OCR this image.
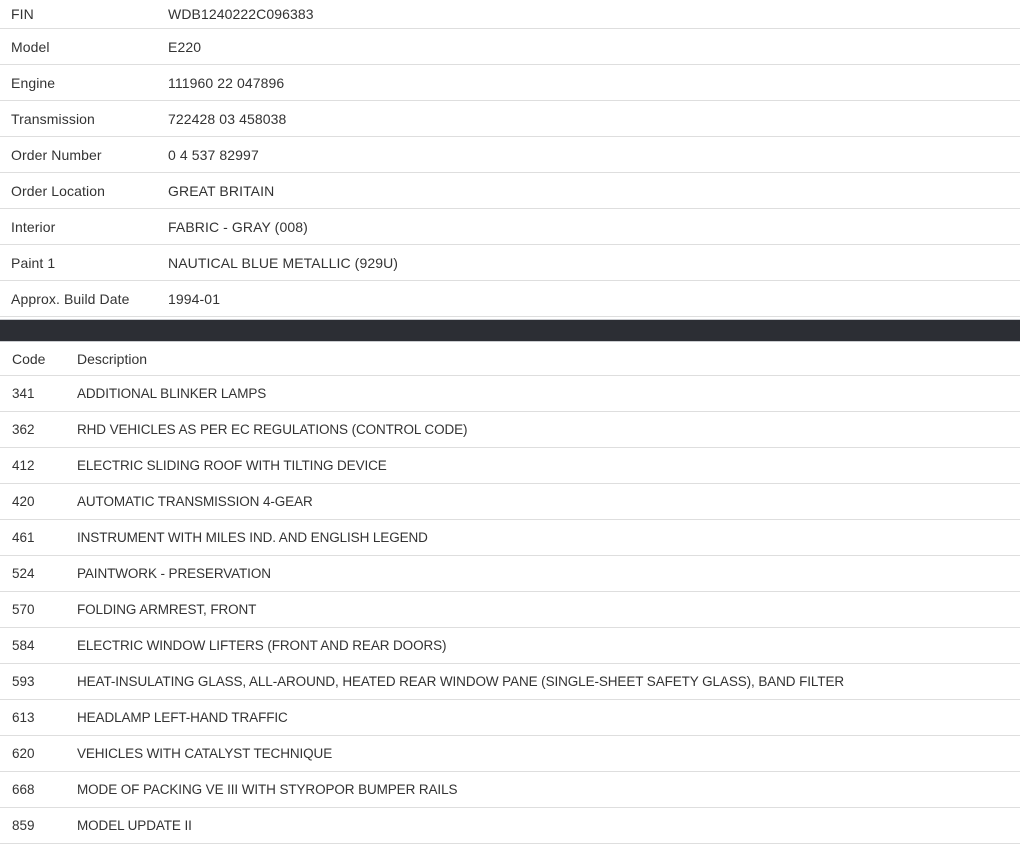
FIN	WDB1240222C096383
Model	E220
Engine	111960 22 047896
Transmission	722428 03 458038
Order Number	0 4 537 82997
Order Location	GREAT BRITAIN
Interior	FABRIC - GRAY (008)
Paint 1	NAUTICAL BLUE METALLIC (929U)
Approx. Build Date	1994-01
Code	Description
341	ADDITIONAL BLINKER LAMPS
362	RHD VEHICLES AS PER EC REGULATIONS (CONTROL CODE)
412	ELECTRIC SLIDING ROOF WITH TILTING DEVICE
420	AUTOMATIC TRANSMISSION 4-GEAR
461	INSTRUMENT WITH MILES IND. AND ENGLISH LEGEND
524	PAINTWORK - PRESERVATION
570	FOLDING ARMREST, FRONT
584	ELECTRIC WINDOW LIFTERS (FRONT AND REAR DOORS)
593	HEAT-INSULATING GLASS, ALL-AROUND, HEATED REAR WINDOW PANE (SINGLE-SHEET SAFETY GLASS), BAND FILTER
613	HEADLAMP LEFT-HAND TRAFFIC
620	VEHICLES WITH CATALYST TECHNIQUE
668	MODE OF PACKING VE III WITH STYROPOR BUMPER RAILS
859	MODEL UPDATE II
